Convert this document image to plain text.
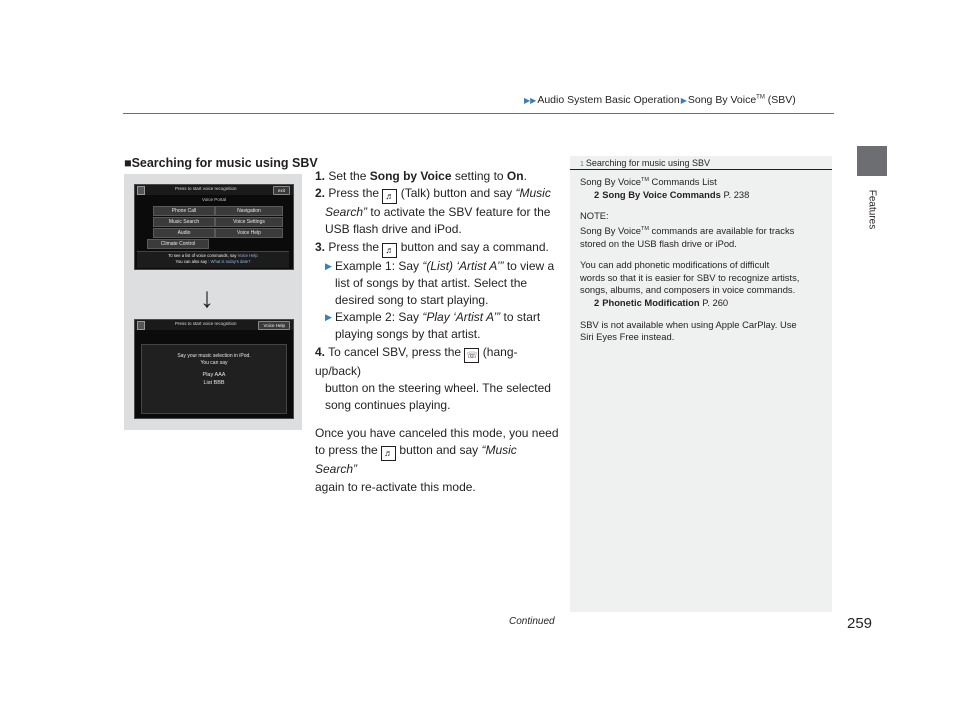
▶▶Audio System Basic Operation▶Song By Voice™ (SBV)
Features
■Searching for music using SBV
Press to start voice recognition	exit
Voice Portal
Phone Call	Navigation
Music Search	Voice Settings
Audio	Voice Help
Climate Control
To see a list of voice commands, say Voice Help
You can also say : What is today's date?
Press to start voice recognition	Voice Help
Say your music selection in iPod.
You can say
Play AAA
List BBB
↓
1. Set the Song by Voice setting to On.
2. Press the ♬ (Talk) button and say “Music
Search” to activate the SBV feature for the
USB flash drive and iPod.
3. Press the ♬ button and say a command.
▶ Example 1: Say “(List) ‘Artist A’” to view a
list of songs by that artist. Select the
desired song to start playing.
▶ Example 2: Say “Play ‘Artist A’” to start
playing songs by that artist.
4. To cancel SBV, press the ☏ (hang-up/back)
button on the steering wheel. The selected
song continues playing.
Once you have canceled this mode, you need
to press the ♬ button and say “Music Search”
again to re-activate this mode.
1 Searching for music using SBV
Song By Voice™ Commands List
2 Song By Voice Commands P. 238
NOTE:
Song By Voice™ commands are available for tracks
stored on the USB flash drive or iPod.
You can add phonetic modifications of difficult
words so that it is easier for SBV to recognize artists,
songs, albums, and composers in voice commands.
2 Phonetic Modification P. 260
SBV is not available when using Apple CarPlay. Use
Siri Eyes Free instead.
Continued	259
